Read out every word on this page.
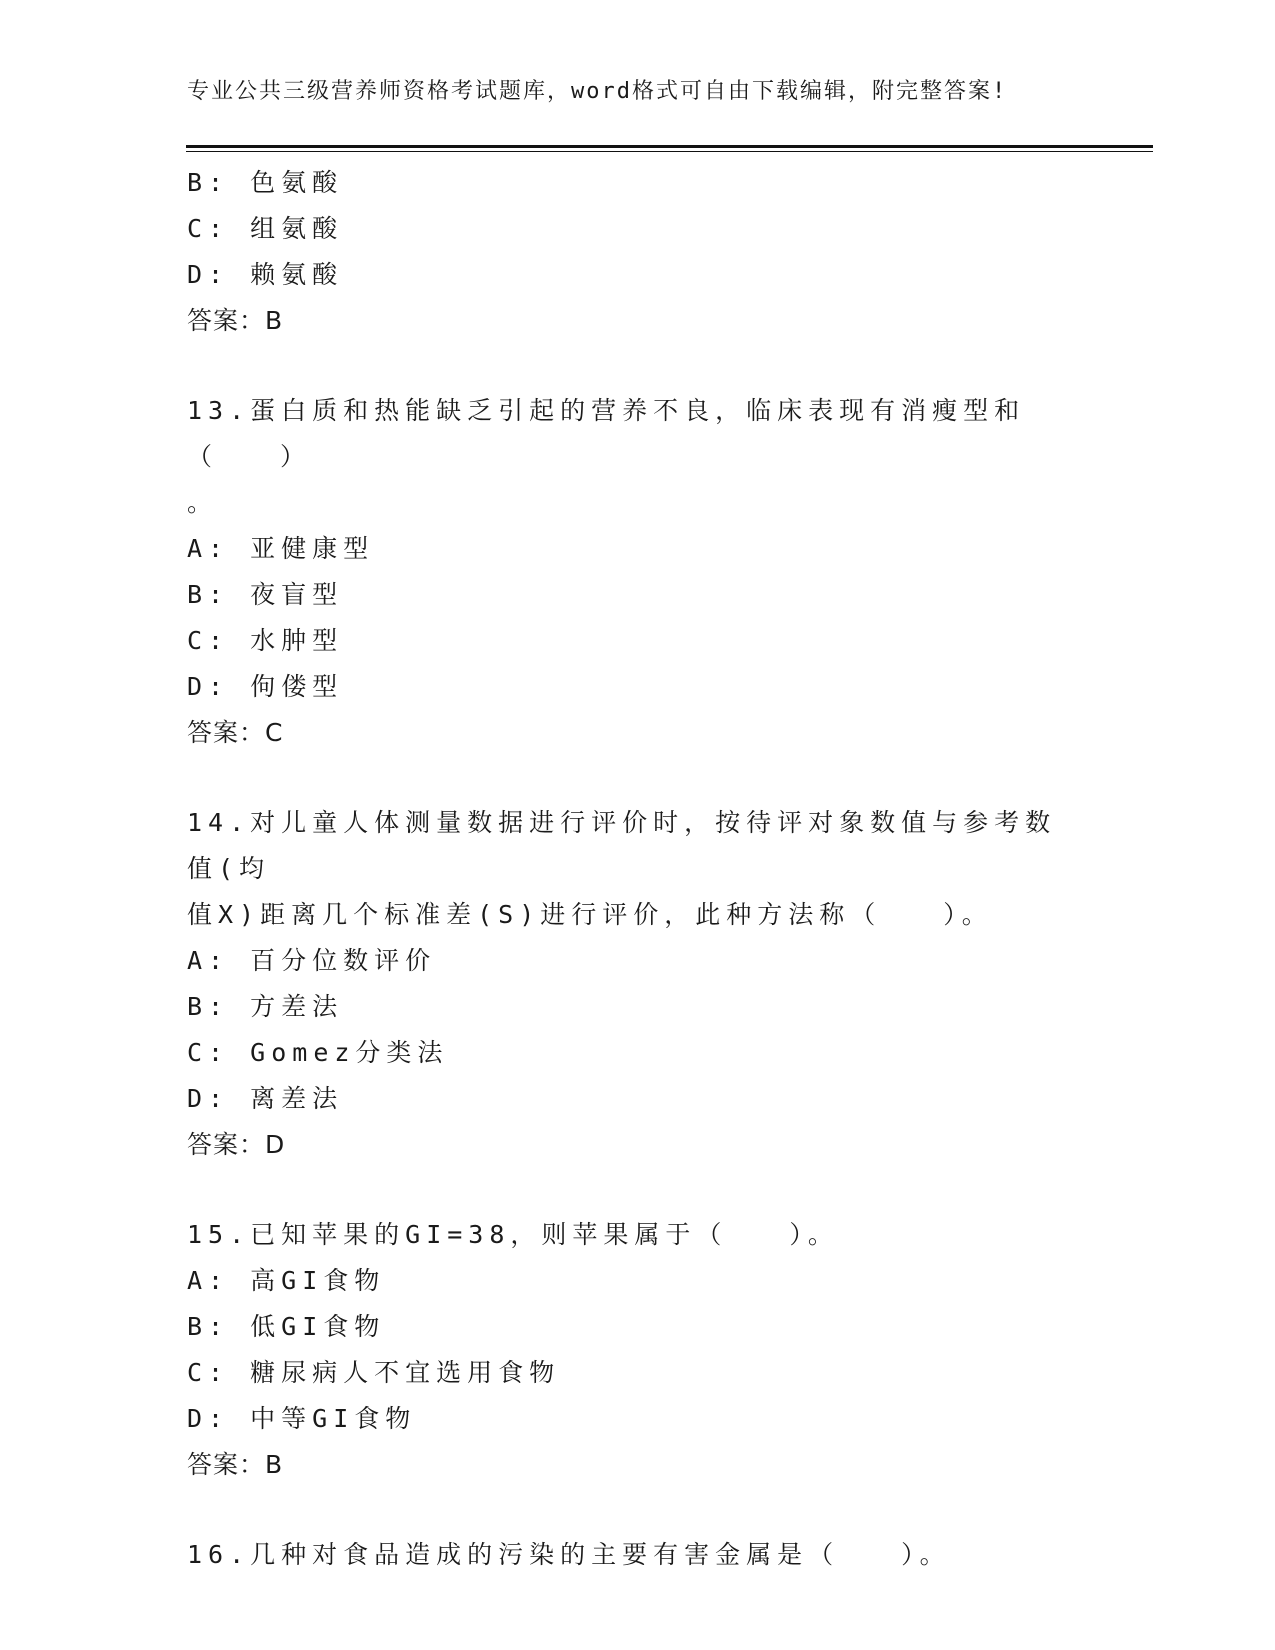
专业公共三级营养师资格考试题库，word格式可自由下载编辑，附完整答案!
B: 色氨酸
C: 组氨酸
D: 赖氨酸
答案：B
13.蛋白质和热能缺乏引起的营养不良，临床表现有消瘦型和（　　）
。
A: 亚健康型
B: 夜盲型
C: 水肿型
D: 佝偻型
答案：C
14.对儿童人体测量数据进行评价时，按待评对象数值与参考数值(均
值X)距离几个标准差(S)进行评价，此种方法称（　　）。
A: 百分位数评价
B: 方差法
C: Gomez分类法
D: 离差法
答案：D
15.已知苹果的GI=38，则苹果属于（　　）。
A: 高GI食物
B: 低GI食物
C: 糖尿病人不宜选用食物
D: 中等GI食物
答案：B
16.几种对食品造成的污染的主要有害金属是（　　）。
